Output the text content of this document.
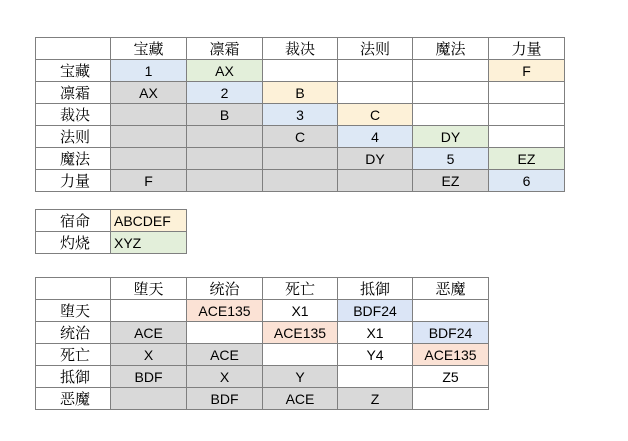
	宝藏	凛霜	裁决	法则	魔法	力量
宝藏	1	AX				F
凛霜	AX	2	B			
裁决		B	3	C		
法则			C	4	DY	
魔法				DY	5	EZ
力量	F				EZ	6
宿命	ABCDEF
灼烧	XYZ
	堕天	统治	死亡	抵御	恶魔
堕天		ACE135	X1	BDF24	
统治	ACE		ACE135	X1	BDF24
死亡	X	ACE		Y4	ACE135
抵御	BDF	X	Y		Z5
恶魔		BDF	ACE	Z	
